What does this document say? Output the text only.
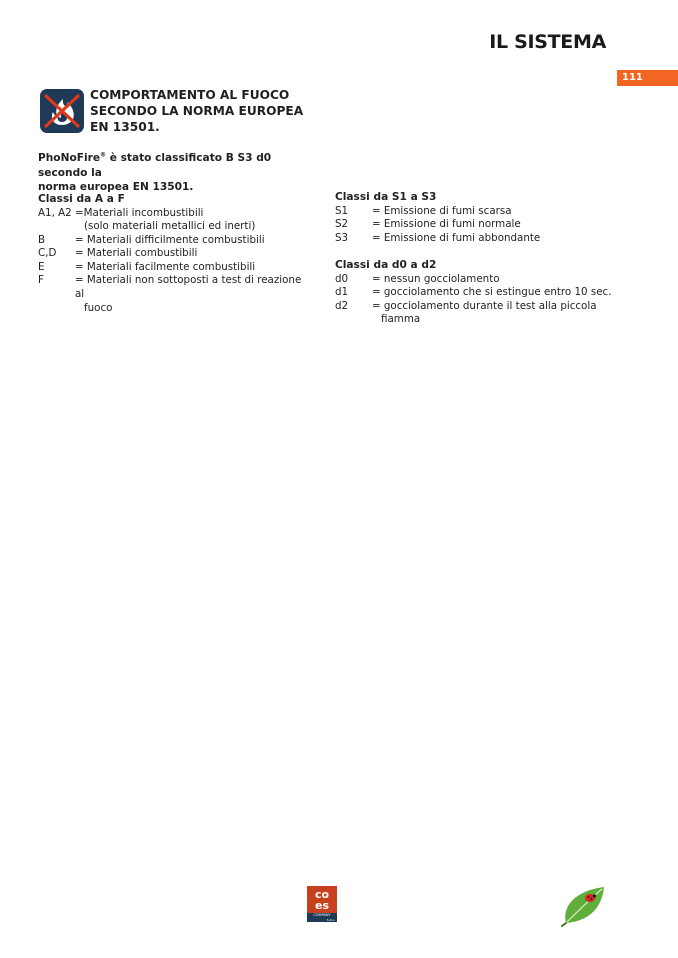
IL SISTEMA
111
COMPORTAMENTO AL FUOCO
SECONDO LA NORMA EUROPEA
EN 13501.
PhoNoFire® è stato classificato B S3 d0 secondo la
norma europea EN 13501.
Classi da A a F
A1, A2 =Materiali incombustibili
(solo materiali metallici ed inerti)
B	= Materiali difficilmente combustibili
C,D	= Materiali combustibili
E	= Materiali facilmente combustibili
F	= Materiali non sottoposti a test di reazione al
fuoco
Classi da S1 a S3
S1	= Emissione di fumi scarsa
S2	= Emissione di fumi normale
S3	= Emissione di fumi abbondante
Classi da d0 a d2
d0	= nessun gocciolamento
d1	= gocciolamento che si estingue entro 10 sec.
d2	= gocciolamento durante il test alla piccola
fiamma
co
es
COMPANY
S.R.L.
